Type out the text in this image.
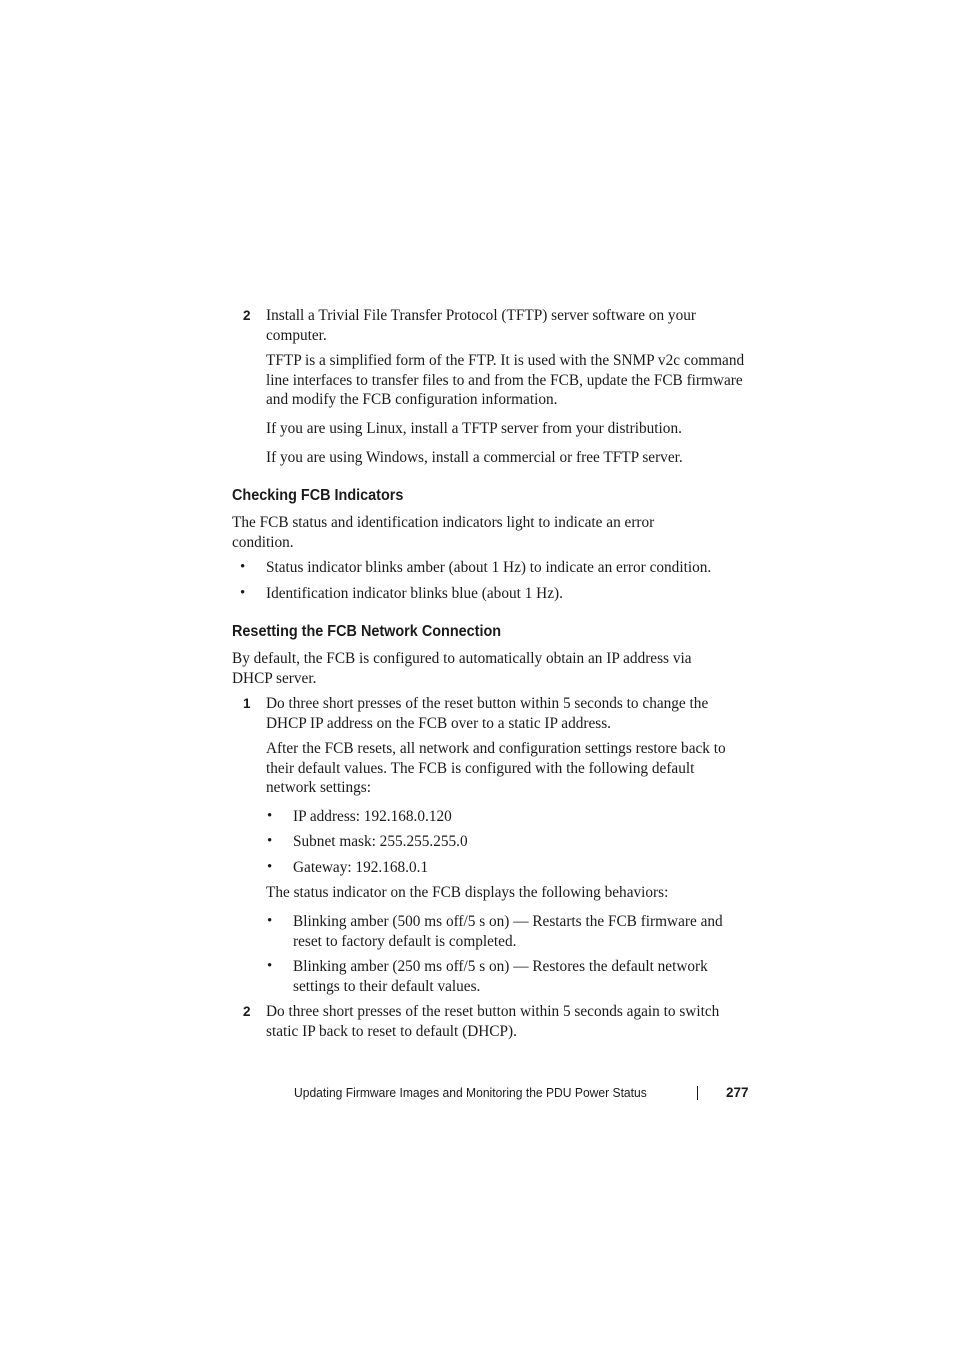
2 Install a Trivial File Transfer Protocol (TFTP) server software on your computer.
TFTP is a simplified form of the FTP. It is used with the SNMP v2c command line interfaces to transfer files to and from the FCB, update the FCB firmware and modify the FCB configuration information.
If you are using Linux, install a TFTP server from your distribution.
If you are using Windows, install a commercial or free TFTP server.
Checking FCB Indicators
The FCB status and identification indicators light to indicate an error condition.
• Status indicator blinks amber (about 1 Hz) to indicate an error condition.
• Identification indicator blinks blue (about 1 Hz).
Resetting the FCB Network Connection
By default, the FCB is configured to automatically obtain an IP address via DHCP server.
1 Do three short presses of the reset button within 5 seconds to change the DHCP IP address on the FCB over to a static IP address.
After the FCB resets, all network and configuration settings restore back to their default values. The FCB is configured with the following default network settings:
• IP address: 192.168.0.120
• Subnet mask: 255.255.255.0
• Gateway: 192.168.0.1
The status indicator on the FCB displays the following behaviors:
• Blinking amber (500 ms off/5 s on) — Restarts the FCB firmware and reset to factory default is completed.
• Blinking amber (250 ms off/5 s on) — Restores the default network settings to their default values.
2 Do three short presses of the reset button within 5 seconds again to switch static IP back to reset to default (DHCP).
Updating Firmware Images and Monitoring the PDU Power Status	277
